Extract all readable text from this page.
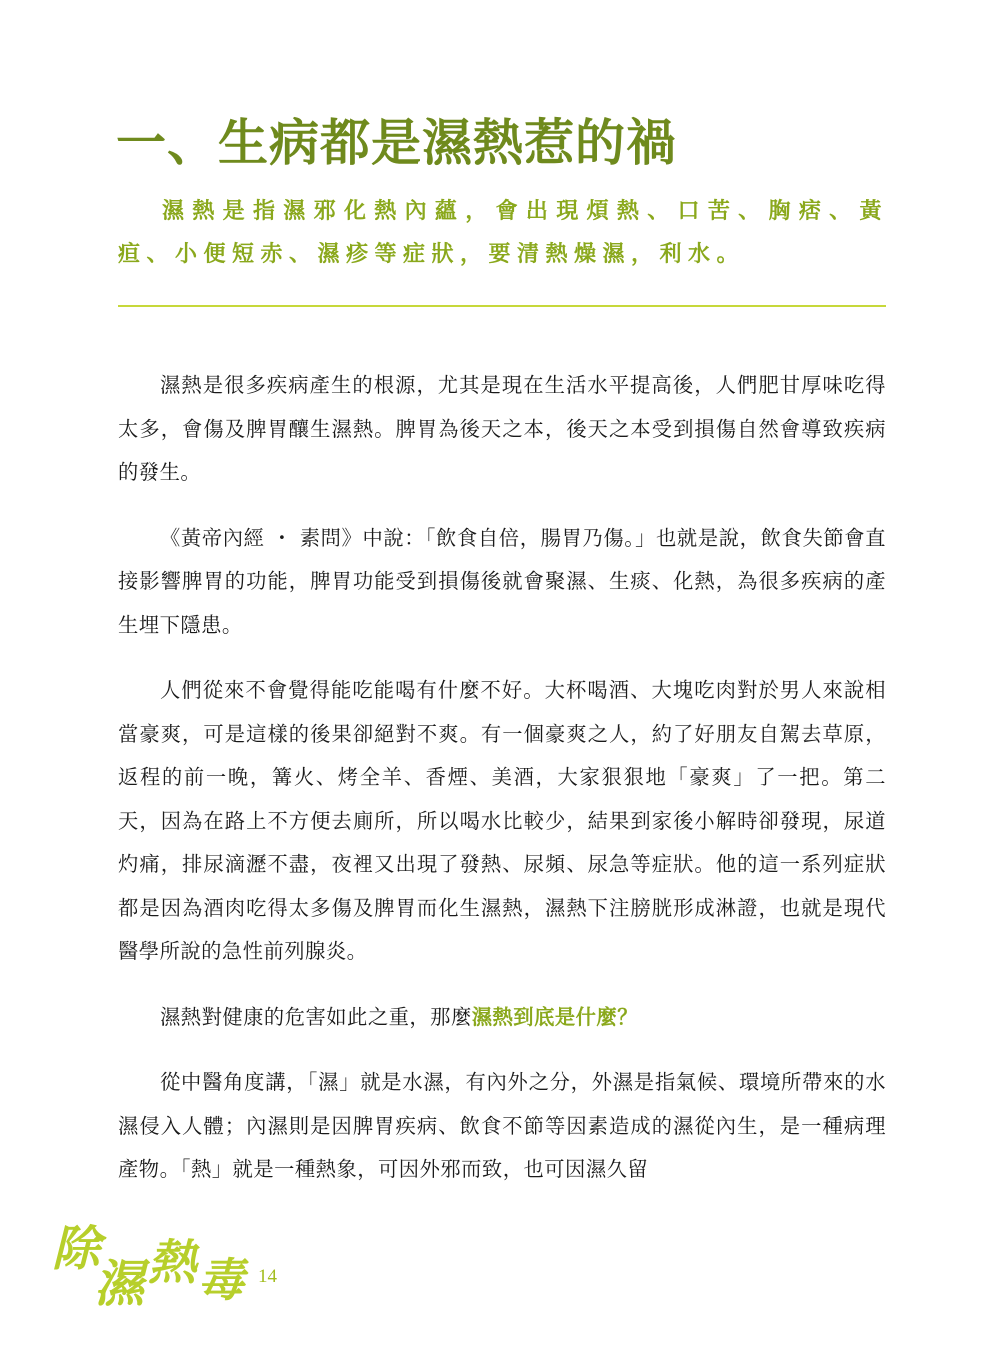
一、生病都是濕熱惹的禍

濕熱是指濕邪化熱內蘊，會出現煩熱、口苦、胸痞、黃疸、小便短赤、濕疹等症狀，要清熱燥濕，利水。

濕熱是很多疾病產生的根源，尤其是現在生活水平提高後，人們肥甘厚味吃得太多，會傷及脾胃釀生濕熱。脾胃為後天之本，後天之本受到損傷自然會導致疾病的發生。

《黃帝內經 ・ 素問》中說：「飲食自倍，腸胃乃傷。」也就是說，飲食失節會直接影響脾胃的功能，脾胃功能受到損傷後就會聚濕、生痰、化熱，為很多疾病的產生埋下隱患。

人們從來不會覺得能吃能喝有什麼不好。大杯喝酒、大塊吃肉對於男人來說相當豪爽，可是這樣的後果卻絕對不爽。有一個豪爽之人，約了好朋友自駕去草原，返程的前一晚，篝火、烤全羊、香煙、美酒，大家狠狠地「豪爽」了一把。第二天，因為在路上不方便去廁所，所以喝水比較少，結果到家後小解時卻發現，尿道灼痛，排尿滴瀝不盡，夜裡又出現了發熱、尿頻、尿急等症狀。他的這一系列症狀都是因為酒肉吃得太多傷及脾胃而化生濕熱，濕熱下注膀胱形成淋證，也就是現代醫學所說的急性前列腺炎。

濕熱對健康的危害如此之重，那麼濕熱到底是什麼？

從中醫角度講，「濕」就是水濕，有內外之分，外濕是指氣候、環境所帶來的水濕侵入人體；內濕則是因脾胃疾病、飲食不節等因素造成的濕從內生，是一種病理產物。「熱」就是一種熱象，可因外邪而致，也可因濕久留

除
濕 熱 毒 14
